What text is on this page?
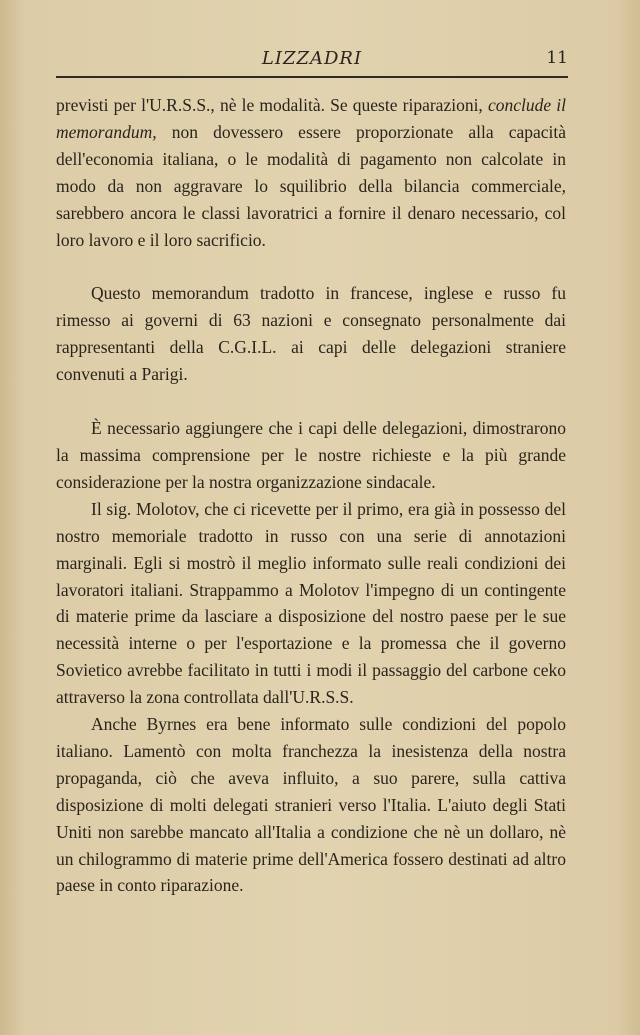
LIZZADRI	11

previsti per l'U.R.S.S., nè le modalità. Se queste riparazioni, conclude il memorandum, non dovessero essere proporzionate alla capacità dell'economia italiana, o le modalità di pagamento non calcolate in modo da non aggravare lo squilibrio della bilancia commerciale, sarebbero ancora le classi lavoratrici a fornire il denaro necessario, col loro lavoro e il loro sacrificio.

Questo memorandum tradotto in francese, inglese e russo fu rimesso ai governi di 63 nazioni e consegnato personalmente dai rappresentanti della C.G.I.L. ai capi delle delegazioni straniere convenuti a Parigi.

È necessario aggiungere che i capi delle delegazioni, dimostrarono la massima comprensione per le nostre richieste e la più grande considerazione per la nostra organizzazione sindacale.

Il sig. Molotov, che ci ricevette per il primo, era già in possesso del nostro memoriale tradotto in russo con una serie di annotazioni marginali. Egli si mostrò il meglio informato sulle reali condizioni dei lavoratori italiani. Strappammo a Molotov l'impegno di un contingente di materie prime da lasciare a disposizione del nostro paese per le sue necessità interne o per l'esportazione e la promessa che il governo Sovietico avrebbe facilitato in tutti i modi il passaggio del carbone ceko attraverso la zona controllata dall'U.R.S.S.

Anche Byrnes era bene informato sulle condizioni del popolo italiano. Lamentò con molta franchezza la inesistenza della nostra propaganda, ciò che aveva influito, a suo parere, sulla cattiva disposizione di molti delegati stranieri verso l'Italia. L'aiuto degli Stati Uniti non sarebbe mancato all'Italia a condizione che nè un dollaro, nè un chilogrammo di materie prime dell'America fossero destinati ad altro paese in conto riparazione.
